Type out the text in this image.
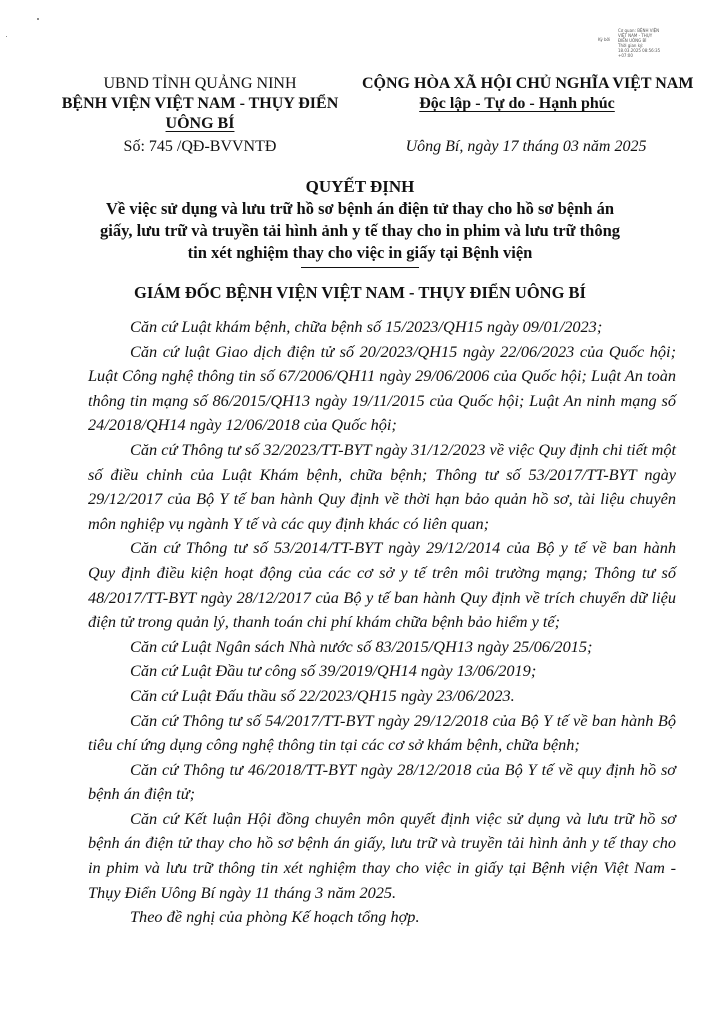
Ký bởi
Cơ quan: BỆNH VIỆN
VIỆT NAM - THỤY
ĐIỂN UÔNG BÍ
Thời gian ký:
18.03.2025 08:56:35
+07:00
UBND TỈNH QUẢNG NINH
BỆNH VIỆN VIỆT NAM - THỤY ĐIỂN
UÔNG BÍ
CỘNG HÒA XÃ HỘI CHỦ NGHĨA VIỆT NAM
Độc lập - Tự do - Hạnh phúc
Số: 745 /QĐ-BVVNTĐ	Uông Bí, ngày 17 tháng 03 năm 2025
QUYẾT ĐỊNH
Về việc sử dụng và lưu trữ hồ sơ bệnh án điện tử thay cho hồ sơ bệnh án
giấy, lưu trữ và truyền tải hình ảnh y tế thay cho in phim và lưu trữ thông
tin xét nghiệm thay cho việc in giấy tại Bệnh viện
GIÁM ĐỐC BỆNH VIỆN VIỆT NAM - THỤY ĐIỂN UÔNG BÍ

Căn cứ Luật khám bệnh, chữa bệnh số 15/2023/QH15 ngày 09/01/2023;

Căn cứ luật Giao dịch điện tử số 20/2023/QH15 ngày 22/06/2023 của Quốc hội; Luật Công nghệ thông tin số 67/2006/QH11 ngày 29/06/2006 của Quốc hội; Luật An toàn thông tin mạng số 86/2015/QH13 ngày 19/11/2015 của Quốc hội; Luật An ninh mạng số 24/2018/QH14 ngày 12/06/2018 của Quốc hội;

Căn cứ Thông tư số 32/2023/TT-BYT ngày 31/12/2023 về việc Quy định chi tiết một số điều chỉnh của Luật Khám bệnh, chữa bệnh; Thông tư số 53/2017/TT-BYT ngày 29/12/2017 của Bộ Y tế ban hành Quy định về thời hạn bảo quản hồ sơ, tài liệu chuyên môn nghiệp vụ ngành Y tế và các quy định khác có liên quan;

Căn cứ Thông tư số 53/2014/TT-BYT ngày 29/12/2014 của Bộ y tế về ban hành Quy định điều kiện hoạt động của các cơ sở y tế trên môi trường mạng; Thông tư số 48/2017/TT-BYT ngày 28/12/2017 của Bộ y tế ban hành Quy định về trích chuyển dữ liệu điện tử trong quản lý, thanh toán chi phí khám chữa bệnh bảo hiểm y tế;

Căn cứ Luật Ngân sách Nhà nước số 83/2015/QH13 ngày 25/06/2015;

Căn cứ Luật Đầu tư công số 39/2019/QH14 ngày 13/06/2019;

Căn cứ Luật Đấu thầu số 22/2023/QH15 ngày 23/06/2023.

Căn cứ Thông tư số 54/2017/TT-BYT ngày 29/12/2018 của Bộ Y tế về ban hành Bộ tiêu chí ứng dụng công nghệ thông tin tại các cơ sở khám bệnh, chữa bệnh;

Căn cứ Thông tư 46/2018/TT-BYT ngày 28/12/2018 của Bộ Y tế về quy định hồ sơ bệnh án điện tử;

Căn cứ Kết luận Hội đồng chuyên môn quyết định việc sử dụng và lưu trữ hồ sơ bệnh án điện tử thay cho hồ sơ bệnh án giấy, lưu trữ và truyền tải hình ảnh y tế thay cho in phim và lưu trữ thông tin xét nghiệm thay cho việc in giấy tại Bệnh viện Việt Nam - Thụy Điển Uông Bí ngày 11 tháng 3 năm 2025.

Theo đề nghị của phòng Kế hoạch tổng hợp.
